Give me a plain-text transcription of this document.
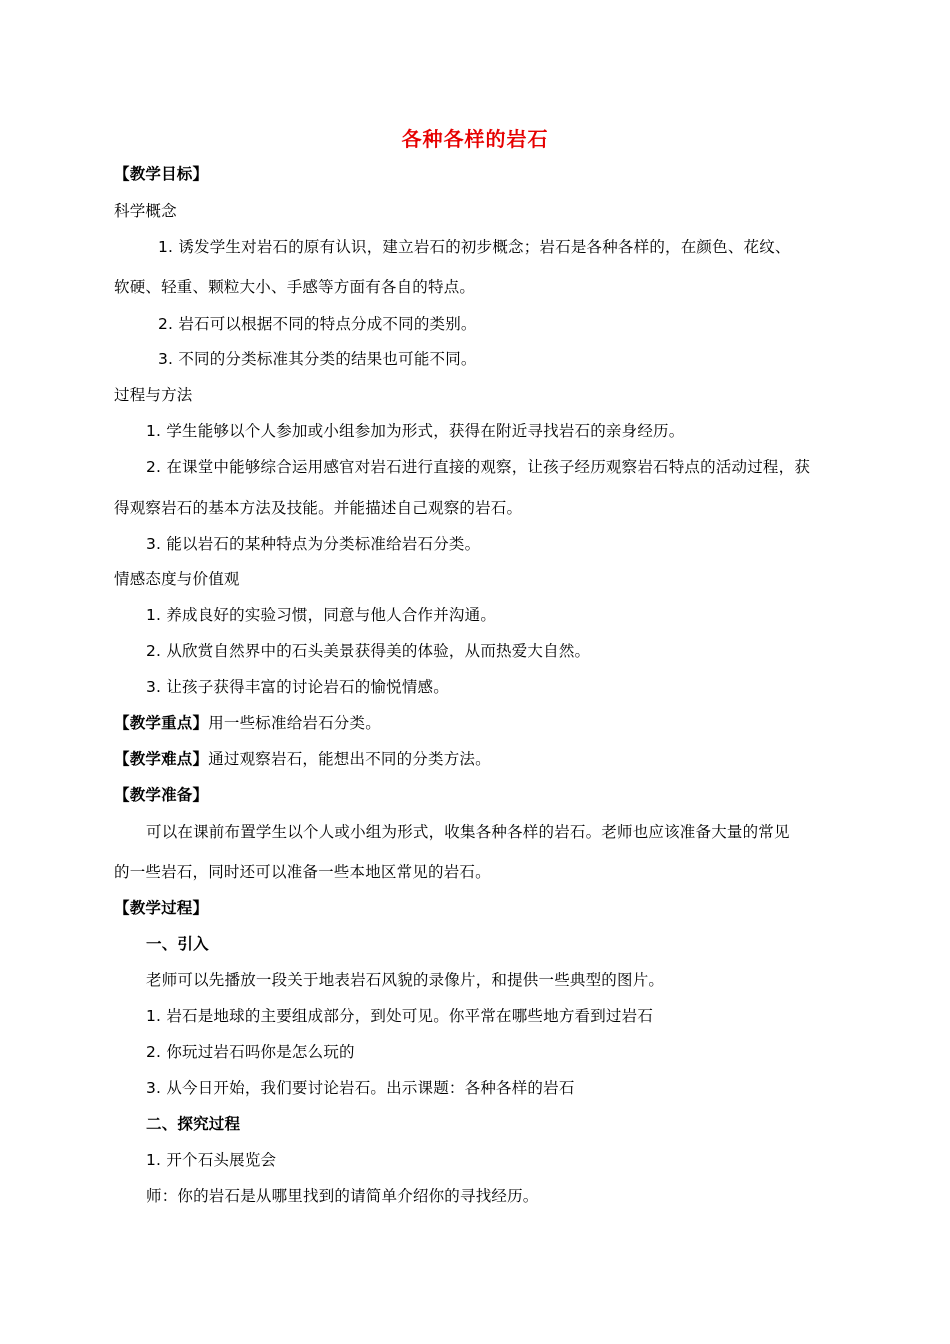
各种各样的岩石
【教学目标】
科学概念
1. 诱发学生对岩石的原有认识，建立岩石的初步概念；岩石是各种各样的，在颜色、花纹、
软硬、轻重、颗粒大小、手感等方面有各自的特点。
2. 岩石可以根据不同的特点分成不同的类别。
3. 不同的分类标准其分类的结果也可能不同。
过程与方法
1. 学生能够以个人参加或小组参加为形式，获得在附近寻找岩石的亲身经历。
2. 在课堂中能够综合运用感官对岩石进行直接的观察，让孩子经历观察岩石特点的活动过程，获
得观察岩石的基本方法及技能。并能描述自己观察的岩石。
3. 能以岩石的某种特点为分类标准给岩石分类。
情感态度与价值观
1. 养成良好的实验习惯，同意与他人合作并沟通。
2. 从欣赏自然界中的石头美景获得美的体验，从而热爱大自然。
3. 让孩子获得丰富的讨论岩石的愉悦情感。
【教学重点】用一些标准给岩石分类。
【教学难点】通过观察岩石，能想出不同的分类方法。
【教学准备】
可以在课前布置学生以个人或小组为形式，收集各种各样的岩石。老师也应该准备大量的常见
的一些岩石，同时还可以准备一些本地区常见的岩石。
【教学过程】
一、引入
老师可以先播放一段关于地表岩石风貌的录像片，和提供一些典型的图片。
1. 岩石是地球的主要组成部分，到处可见。你平常在哪些地方看到过岩石
2. 你玩过岩石吗你是怎么玩的
3. 从今日开始，我们要讨论岩石。出示课题：各种各样的岩石
二、探究过程
1. 开个石头展览会
师：你的岩石是从哪里找到的请简单介绍你的寻找经历。
